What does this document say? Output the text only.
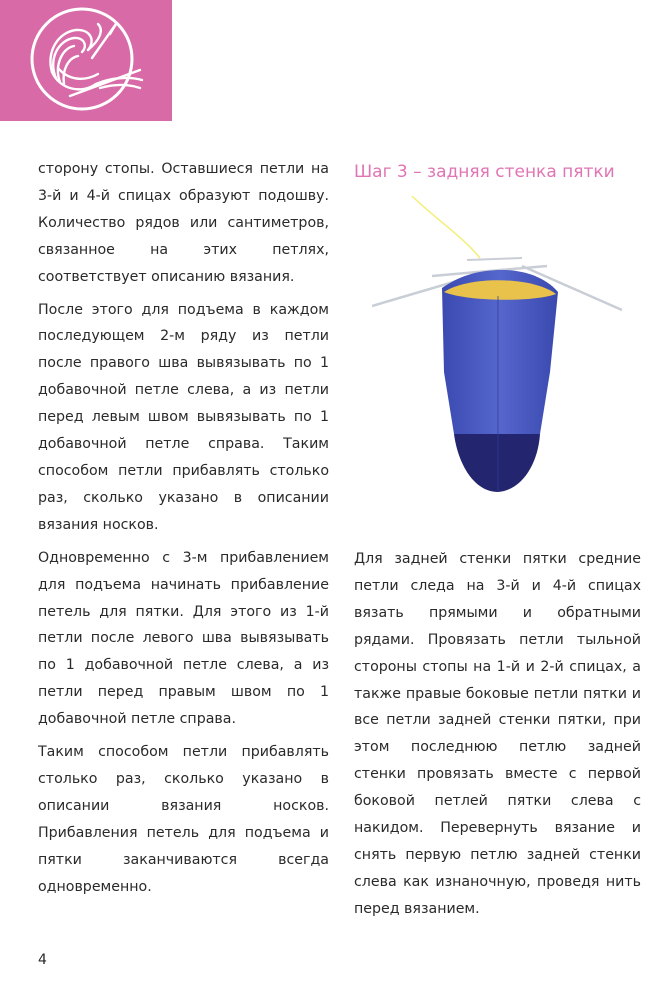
сторону стопы. Оставшиеся петли на 3-й и 4-й спицах образуют подошву. Количество рядов или сантиметров, связанное на этих петлях, соответствует описанию вязания.

После этого для подъема в каждом последующем 2-м ряду из петли после правого шва вывязывать по 1 добавочной петле слева, а из петли перед левым швом вывязывать по 1 добавочной петле справа. Таким способом петли прибавлять столько раз, сколько указано в описании вязания носков.

Одновременно с 3-м прибавлением для подъема начинать прибавление петель для пятки. Для этого из 1-й петли после левого шва вывязывать по 1 добавочной петле слева, а из петли перед правым швом по 1 добавочной петле справа.

Таким способом петли прибавлять столько раз, сколько указано в описании вязания носков. Прибавления петель для подъема и пятки заканчиваются всегда одновременно.

Шаг 3 – задняя стенка пятки

Для задней стенки пятки средние петли следа на 3-й и 4-й спицах вязать прямыми и обратными рядами. Провязать петли тыльной стороны стопы на 1-й и 2-й спицах, а также правые боковые петли пятки и все петли задней стенки пятки, при этом последнюю петлю задней стенки провязать вместе с первой боковой петлей пятки слева с накидом. Перевернуть вязание и снять первую петлю задней стенки слева как изнаночную, проведя нить перед вязанием.

4
